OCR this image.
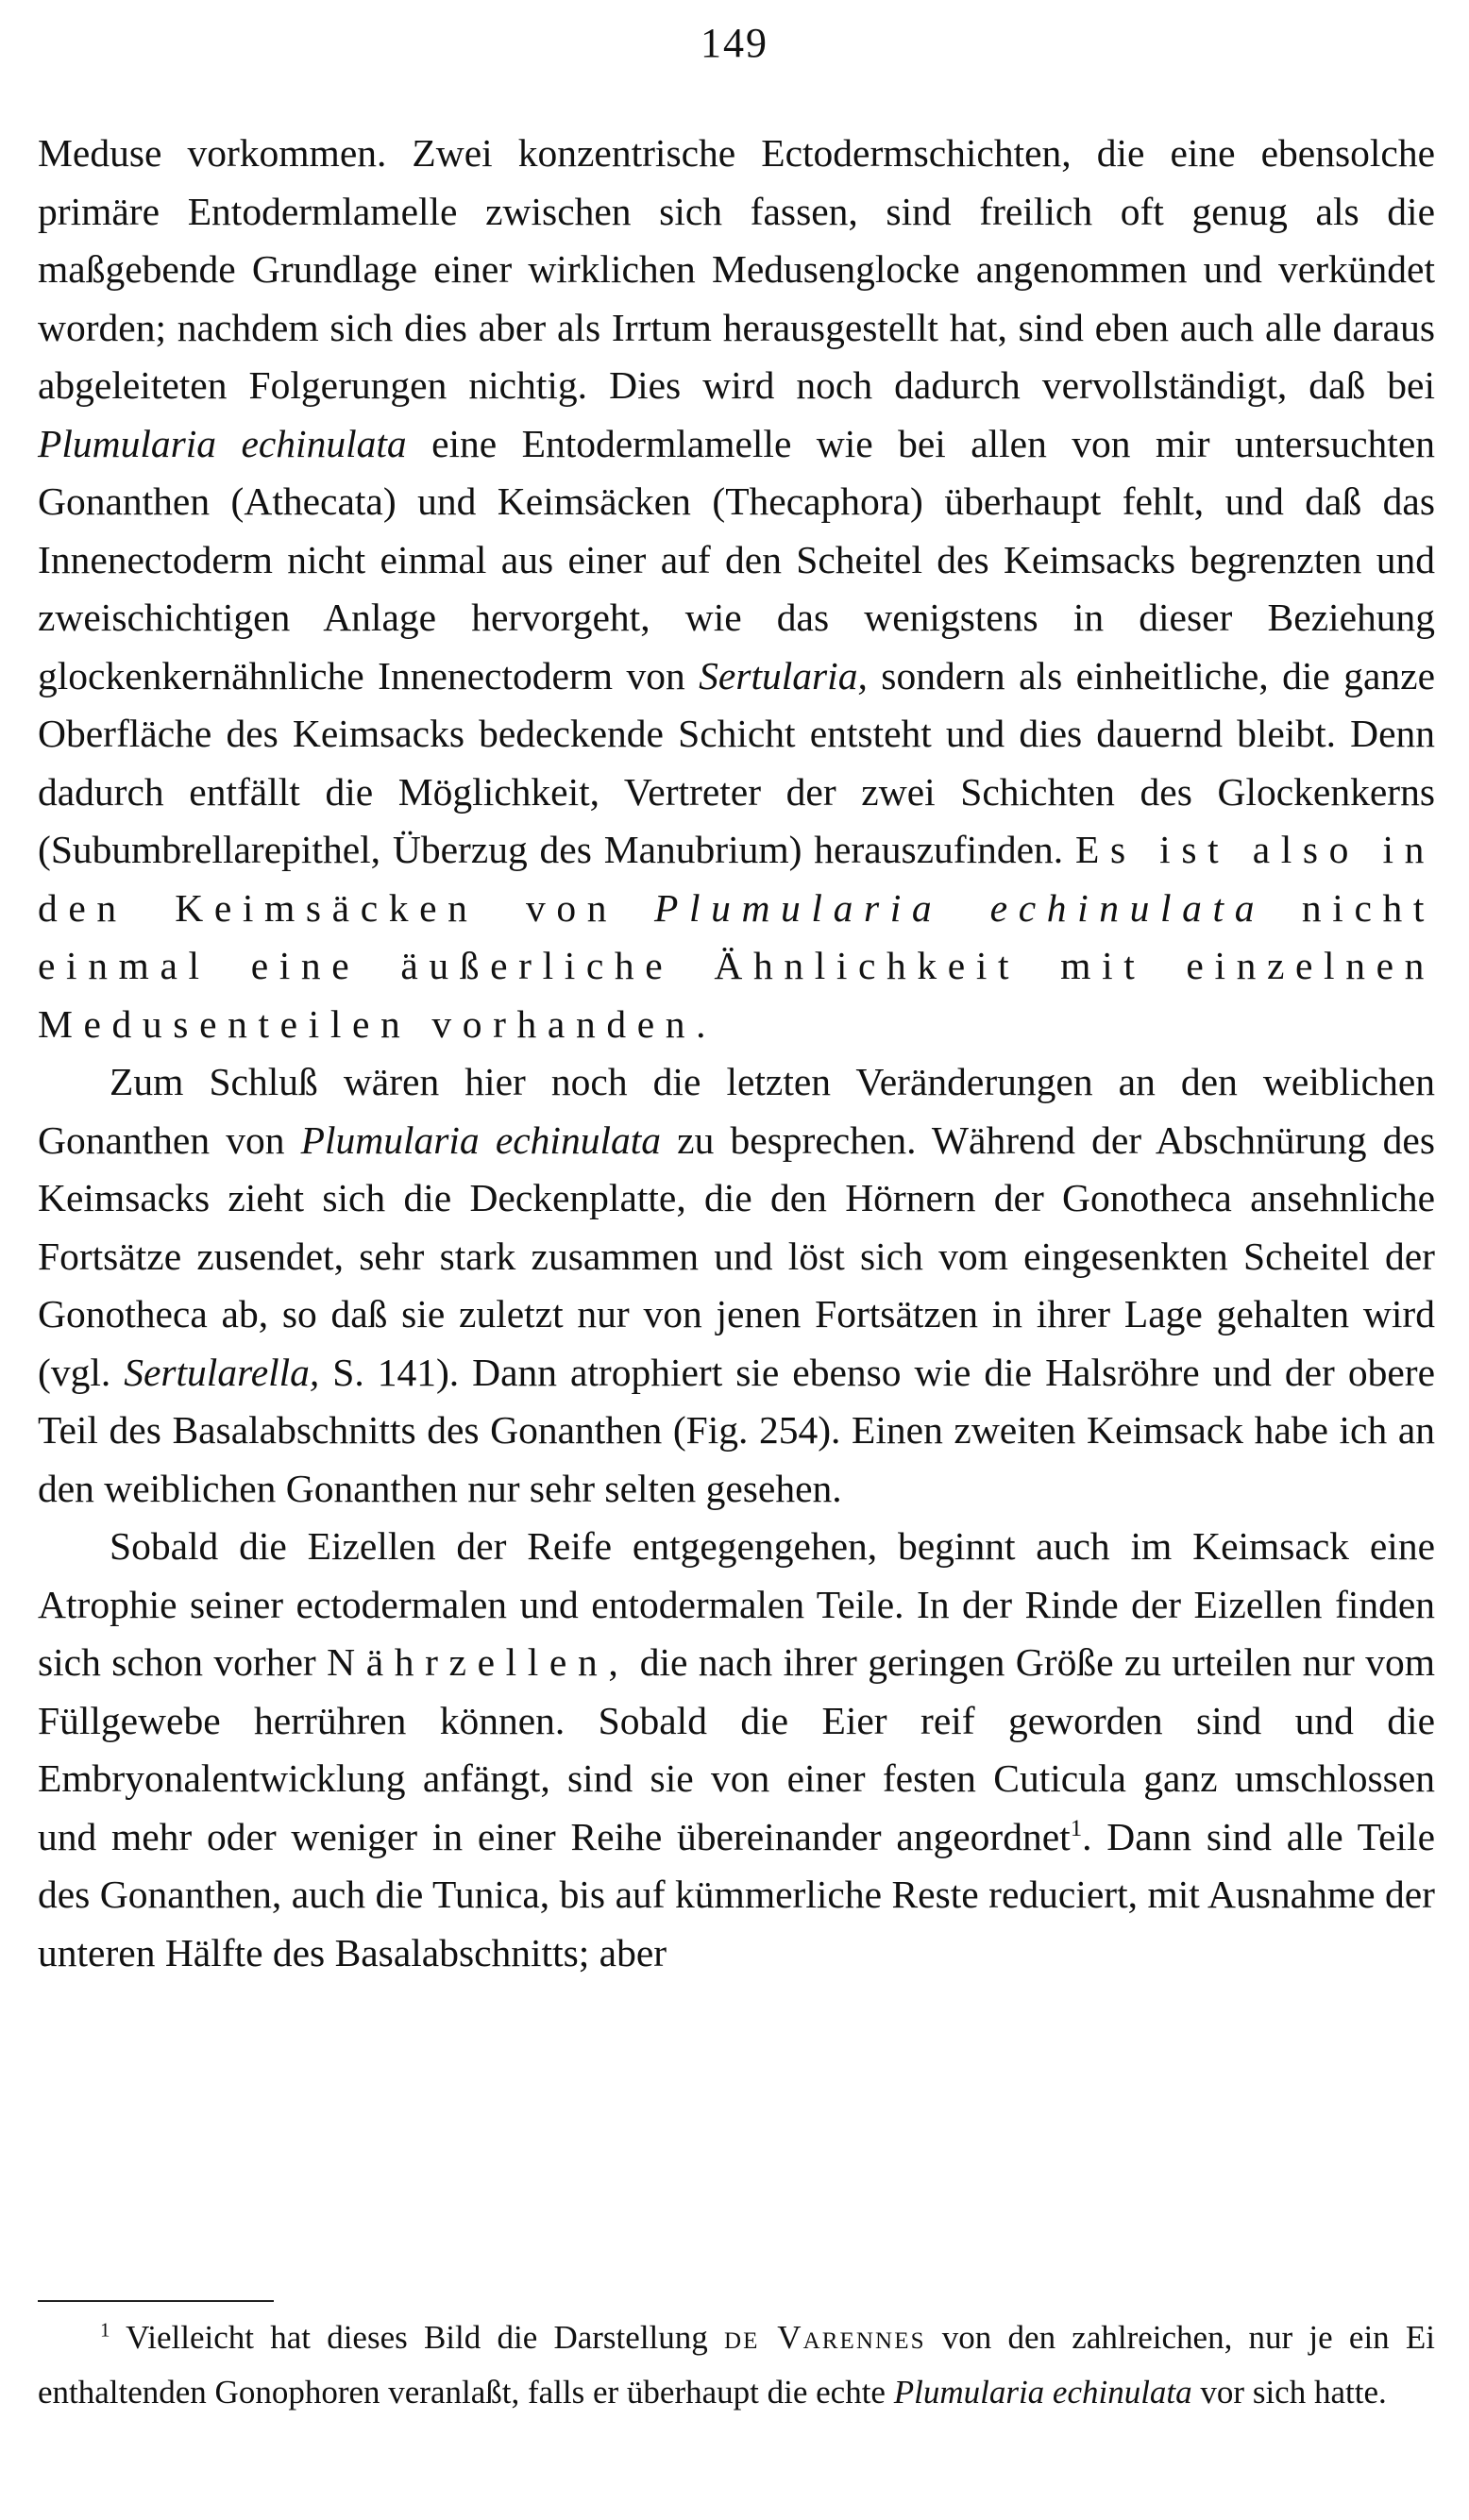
149

Meduse vorkommen. Zwei konzentrische Ectodermschichten, die eine ebensolche primäre Entodermlamelle zwischen sich fassen, sind freilich oft genug als die maßgebende Grundlage einer wirklichen Medusenglocke angenommen und verkündet worden; nachdem sich dies aber als Irrtum herausgestellt hat, sind eben auch alle daraus abgeleiteten Folgerungen nichtig. Dies wird noch dadurch vervollständigt, daß bei Plumularia echinulata eine Entodermlamelle wie bei allen von mir untersuchten Gonanthen (Athecata) und Keimsäcken (Thecaphora) überhaupt fehlt, und daß das Innenectoderm nicht einmal aus einer auf den Scheitel des Keimsacks begrenzten und zweischichtigen Anlage hervorgeht, wie das wenigstens in dieser Beziehung glockenkernähnliche Innenectoderm von Sertularia, sondern als einheitliche, die ganze Oberfläche des Keimsacks bedeckende Schicht entsteht und dies dauernd bleibt. Denn dadurch entfällt die Möglichkeit, Vertreter der zwei Schichten des Glockenkerns (Subumbrellarepithel, Überzug des Manubrium) herauszufinden. Es ist also in den Keimsäcken von Plumularia echinulata nicht einmal eine äußerliche Ähnlichkeit mit einzelnen Medusenteilen vorhanden.

Zum Schluß wären hier noch die letzten Veränderungen an den weiblichen Gonanthen von Plumularia echinulata zu besprechen. Während der Abschnürung des Keimsacks zieht sich die Deckenplatte, die den Hörnern der Gonotheca ansehnliche Fortsätze zusendet, sehr stark zusammen und löst sich vom eingesenkten Scheitel der Gonotheca ab, so daß sie zuletzt nur von jenen Fortsätzen in ihrer Lage gehalten wird (vgl. Sertularella, S. 141). Dann atrophiert sie ebenso wie die Halsröhre und der obere Teil des Basalabschnitts des Gonanthen (Fig. 254). Einen zweiten Keimsack habe ich an den weiblichen Gonanthen nur sehr selten gesehen.

Sobald die Eizellen der Reife entgegengehen, beginnt auch im Keimsack eine Atrophie seiner ectodermalen und entodermalen Teile. In der Rinde der Eizellen finden sich schon vorher Nährzellen, die nach ihrer geringen Größe zu urteilen nur vom Füllgewebe herrühren können. Sobald die Eier reif geworden sind und die Embryonalentwicklung anfängt, sind sie von einer festen Cuticula ganz umschlossen und mehr oder weniger in einer Reihe übereinander angeordnet$^1$. Dann sind alle Teile des Gonanthen, auch die Tunica, bis auf kümmerliche Reste reduciert, mit Ausnahme der unteren Hälfte des Basalabschnitts; aber

$^1$ Vielleicht hat dieses Bild die Darstellung de Varennes von den zahlreichen, nur je ein Ei enthaltenden Gonophoren veranlaßt, falls er überhaupt die echte Plumularia echinulata vor sich hatte.
